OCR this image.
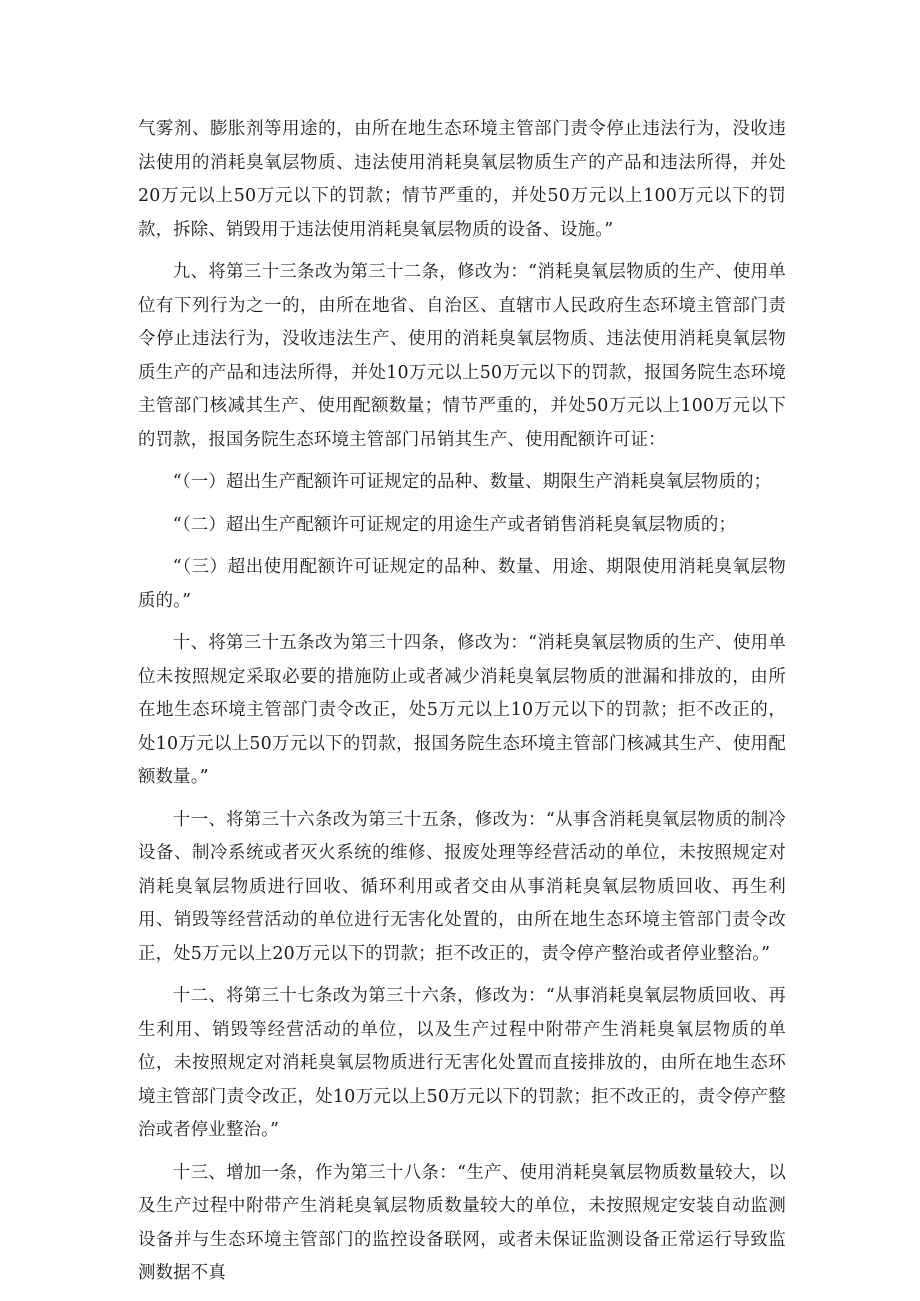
气雾剂、膨胀剂等用途的，由所在地生态环境主管部门责令停止违法行为，没收违法使用的消耗臭氧层物质、违法使用消耗臭氧层物质生产的产品和违法所得，并处20万元以上50万元以下的罚款；情节严重的，并处50万元以上100万元以下的罚款，拆除、销毁用于违法使用消耗臭氧层物质的设备、设施。”

九、将第三十三条改为第三十二条，修改为：“消耗臭氧层物质的生产、使用单位有下列行为之一的，由所在地省、自治区、直辖市人民政府生态环境主管部门责令停止违法行为，没收违法生产、使用的消耗臭氧层物质、违法使用消耗臭氧层物质生产的产品和违法所得，并处10万元以上50万元以下的罚款，报国务院生态环境主管部门核减其生产、使用配额数量；情节严重的，并处50万元以上100万元以下的罚款，报国务院生态环境主管部门吊销其生产、使用配额许可证：

“（一）超出生产配额许可证规定的品种、数量、期限生产消耗臭氧层物质的；

“（二）超出生产配额许可证规定的用途生产或者销售消耗臭氧层物质的；

“（三）超出使用配额许可证规定的品种、数量、用途、期限使用消耗臭氧层物质的。”

十、将第三十五条改为第三十四条，修改为：“消耗臭氧层物质的生产、使用单位未按照规定采取必要的措施防止或者减少消耗臭氧层物质的泄漏和排放的，由所在地生态环境主管部门责令改正，处5万元以上10万元以下的罚款；拒不改正的，处10万元以上50万元以下的罚款，报国务院生态环境主管部门核减其生产、使用配额数量。”

十一、将第三十六条改为第三十五条，修改为：“从事含消耗臭氧层物质的制冷设备、制冷系统或者灭火系统的维修、报废处理等经营活动的单位，未按照规定对消耗臭氧层物质进行回收、循环利用或者交由从事消耗臭氧层物质回收、再生利用、销毁等经营活动的单位进行无害化处置的，由所在地生态环境主管部门责令改正，处5万元以上20万元以下的罚款；拒不改正的，责令停产整治或者停业整治。”

十二、将第三十七条改为第三十六条，修改为：“从事消耗臭氧层物质回收、再生利用、销毁等经营活动的单位，以及生产过程中附带产生消耗臭氧层物质的单位，未按照规定对消耗臭氧层物质进行无害化处置而直接排放的，由所在地生态环境主管部门责令改正，处10万元以上50万元以下的罚款；拒不改正的，责令停产整治或者停业整治。”

十三、增加一条，作为第三十八条：“生产、使用消耗臭氧层物质数量较大，以及生产过程中附带产生消耗臭氧层物质数量较大的单位，未按照规定安装自动监测设备并与生态环境主管部门的监控设备联网，或者未保证监测设备正常运行导致监测数据不真
